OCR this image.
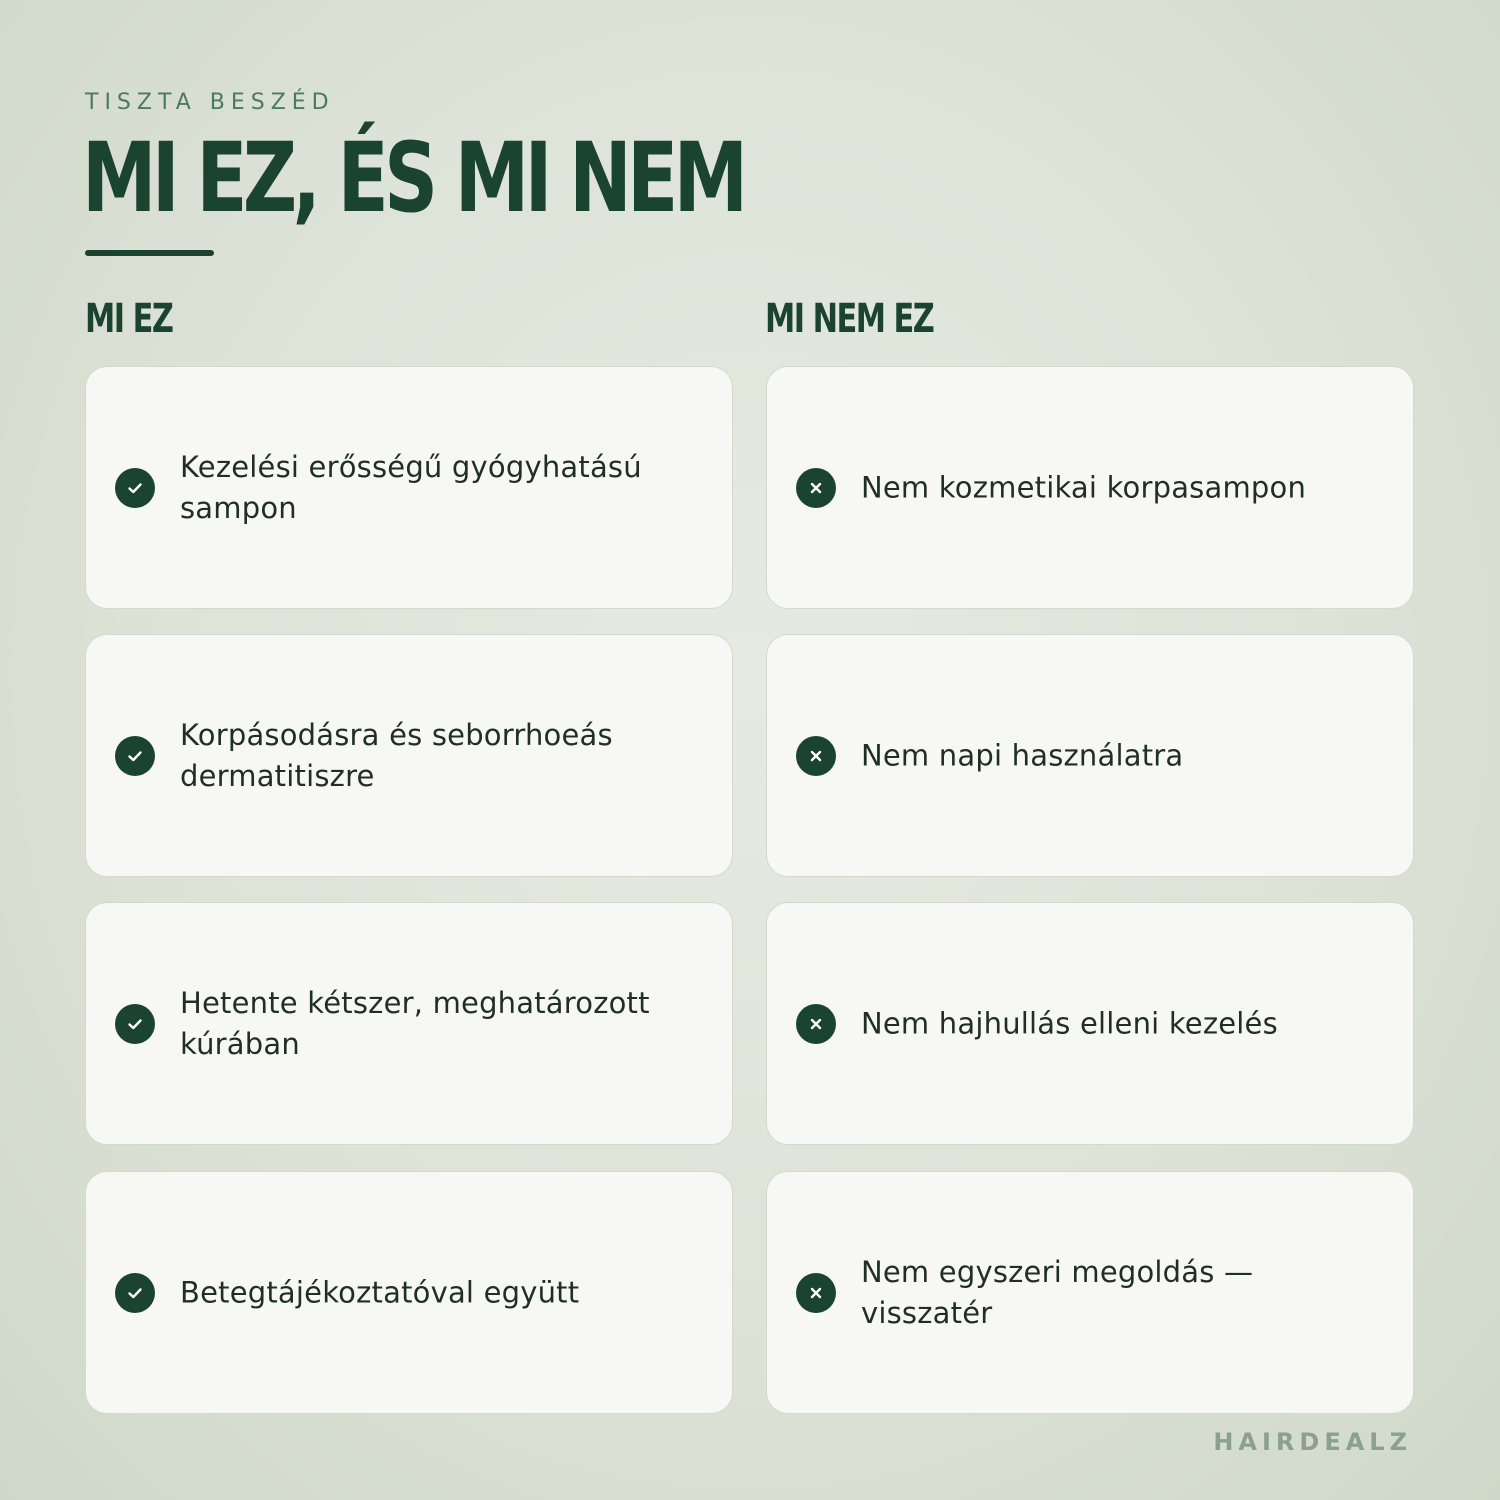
TISZTA BESZÉD
MI EZ, ÉS MI NEM
MI EZ	MI NEM EZ
Kezelési erősségű gyógyhatású sampon
Korpásodásra és seborrhoeás dermatitiszre
Hetente kétszer, meghatározott kúrában
Betegtájékoztatóval együtt
Nem kozmetikai korpasampon
Nem napi használatra
Nem hajhullás elleni kezelés
Nem egyszeri megoldás — visszatér
HAIRDEALZ
